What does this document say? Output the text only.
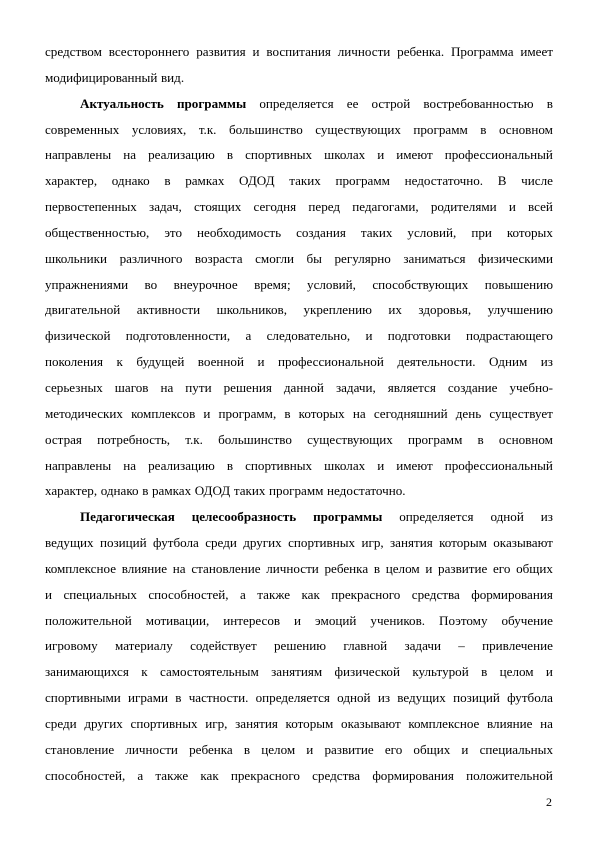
средством всестороннего развития и воспитания личности ребенка. Программа имеет
модифицированный вид.
Актуальность программы определяется ее острой востребованностью в
современных условиях, т.к. большинство существующих программ в основном
направлены на реализацию в спортивных школах и имеют профессиональный
характер, однако в рамках ОДОД таких программ недостаточно. В числе
первостепенных задач, стоящих сегодня перед педагогами, родителями и всей
общественностью, это необходимость создания таких условий, при которых
школьники различного возраста смогли бы регулярно заниматься физическими
упражнениями во внеурочное время; условий, способствующих повышению
двигательной активности школьников, укреплению их здоровья, улучшению
физической подготовленности, а следовательно, и подготовки подрастающего
поколения к будущей военной и профессиональной деятельности. Одним из
серьезных шагов на пути решения данной задачи, является создание учебно-
методических комплексов и программ, в которых на сегодняшний день существует
острая потребность, т.к. большинство существующих программ в основном
направлены на реализацию в спортивных школах и имеют профессиональный
характер, однако в рамках ОДОД таких программ недостаточно.
Педагогическая целесообразность программы определяется одной из
ведущих позиций футбола среди других спортивных игр, занятия которым оказывают
комплексное влияние на становление личности ребенка в целом и развитие его общих
и специальных способностей, а также как прекрасного средства формирования
положительной мотивации, интересов и эмоций учеников. Поэтому обучение
игровому материалу содействует решению главной задачи – привлечение
занимающихся к самостоятельным занятиям физической культурой в целом и
спортивными играми в частности. определяется одной из ведущих позиций футбола
среди других спортивных игр, занятия которым оказывают комплексное влияние на
становление личности ребенка в целом и развитие его общих и специальных
способностей, а также как прекрасного средства формирования положительной
2
